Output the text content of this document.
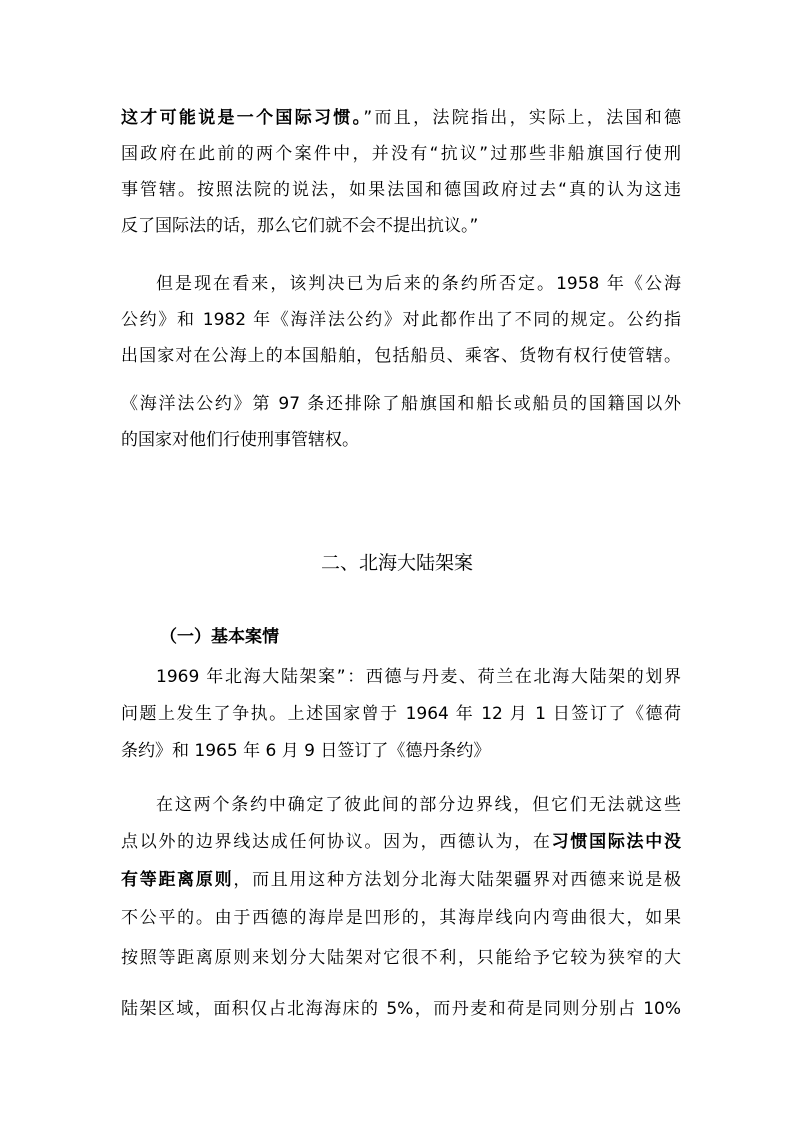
这才可能说是一个国际习惯。”而且，法院指出，实际上，法国和德
国政府在此前的两个案件中，并没有“抗议”过那些非船旗国行使刑
事管辖。按照法院的说法，如果法国和德国政府过去“真的认为这违
反了国际法的话，那么它们就不会不提出抗议。”
但是现在看来，该判决已为后来的条约所否定。1958 年《公海
公约》和 1982 年《海洋法公约》对此都作出了不同的规定。公约指
出国家对在公海上的本国船舶，包括船员、乘客、货物有权行使管辖。
《海洋法公约》第 97 条还排除了船旗国和船长或船员的国籍国以外
的国家对他们行使刑事管辖权。
二、北海大陆架案
（一）基本案情
1969 年北海大陆架案”：西德与丹麦、荷兰在北海大陆架的划界
问题上发生了争执。上述国家曾于 1964 年 12 月 1 日签订了《德荷
条约》和 1965 年 6 月 9 日签订了《德丹条约》
在这两个条约中确定了彼此间的部分边界线，但它们无法就这些
点以外的边界线达成任何协议。因为，西德认为，在习惯国际法中没
有等距离原则，而且用这种方法划分北海大陆架疆界对西德来说是极
不公平的。由于西德的海岸是凹形的，其海岸线向内弯曲很大，如果
按照等距离原则来划分大陆架对它很不利，只能给予它较为狭窄的大
陆架区域，面积仅占北海海床的 5%，而丹麦和荷是同则分别占 10%
